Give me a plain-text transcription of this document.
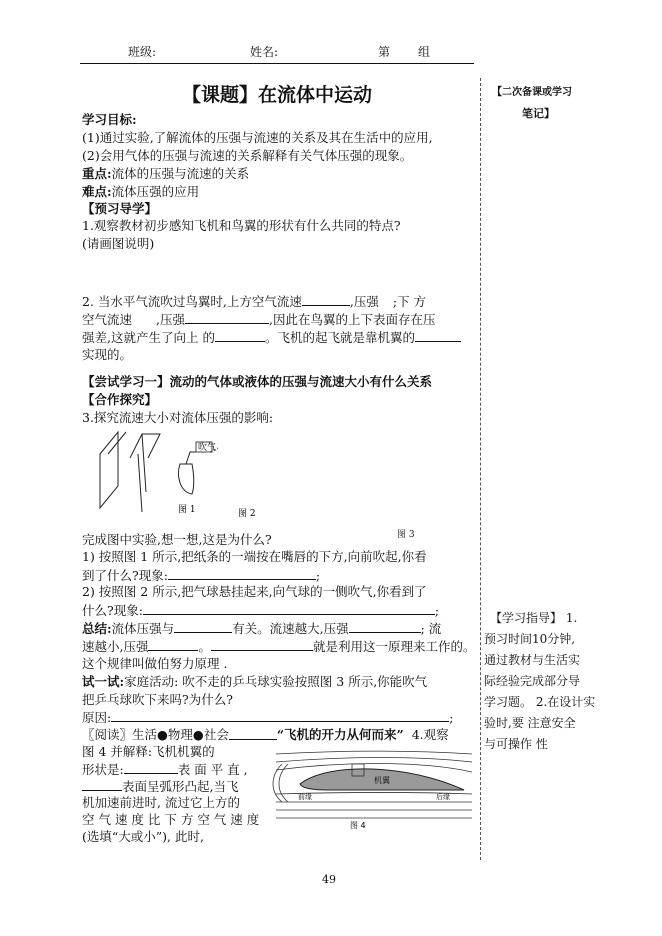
班级:	姓名:	第 组
【课题】在流体中运动	【二次备课或学习
笔记】
【学习指导】 1.
预习时间10分钟,
通过教材与生活实
际经验完成部分导
学习题。 2.在设计实
验时,要 注意安全
与可操作 性
学习目标:
(1)通过实验,了解流体的压强与流速的关系及其在生活中的应用,
(2)会用气体的压强与流速的关系解释有关气体压强的现象。
重点:流体的压强与流速的关系
难点:流体压强的应用
【预习导学】
1.观察教材初步感知飞机和鸟翼的形状有什么共同的特点?
(请画图说明)
2. 当水平气流吹过鸟翼时,上方空气流速	,压强 ;下 方
空气流速 ,压强	,因此在鸟翼的上下表面存在压
强差,这就产生了向上 的	。飞机的起飞就是靠机翼的
实现的。
【尝试学习一】流动的气体或液体的压强与流速大小有什么关系
【合作探究】
3.探究流速大小对流体压强的影响:
吹气
图 1	图 2
图 3
完成图中实验,想一想,这是为什么?
1) 按照图 1 所示,把纸条的一端按在嘴唇的下方,向前吹起,你看
到了什么?现象:	;
2) 按照图 2 所示,把气球悬挂起来,向气球的一侧吹气,你看到了
什么?现象:	;
总结:流体压强与	有关。流速越大,压强	; 流
速越小,压强	。	就是利用这一原理来工作的。
这个规律叫做伯努力原理 .
试一试:家庭活动: 吹不走的乒乓球实验按照图 3 所示,你能吹气
把乒乓球吹下来吗?为什么?
原因:	;
〖阅读〗生活●物理●社会	“飞机的开力从何而来” 4.观察
图 4 并解释:飞机机翼的
形状是:	表 面 平 直 ,
表面呈弧形凸起,当飞
机加速前进时, 流过它上方的
空 气 速 度 比 下 方 空 气 速 度
(选填“大或小”), 此时,
机翼
前缘	后缘
图 4
49
